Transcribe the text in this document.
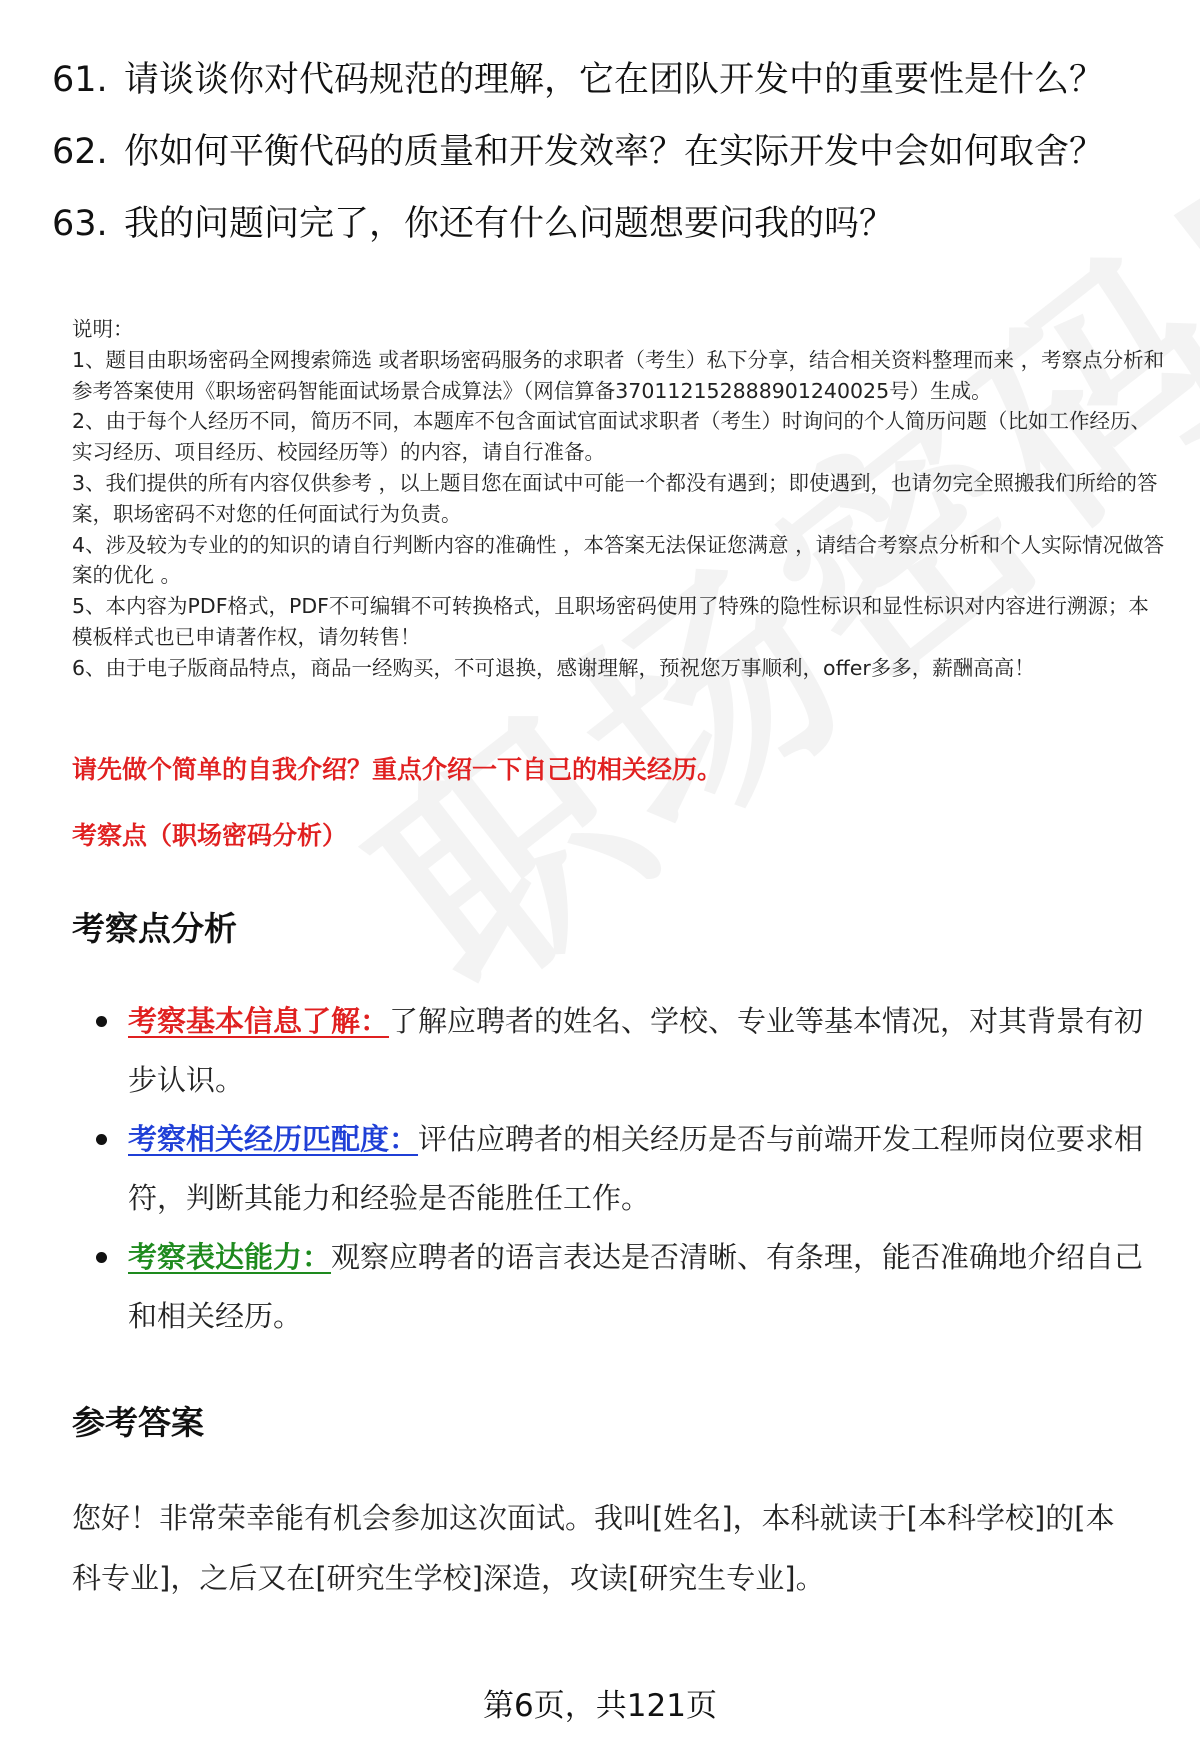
61. 请谈谈你对代码规范的理解，它在团队开发中的重要性是什么？
62. 你如何平衡代码的质量和开发效率？在实际开发中会如何取舍？
63. 我的问题问完了，你还有什么问题想要问我的吗？

说明：

1、题目由职场密码全网搜索筛选 或者职场密码服务的求职者（考生）私下分享，结合相关资料整理而来 ，考察点分析和参考答案使用《职场密码智能面试场景合成算法》（网信算备370112152888901240025号）生成。

2、由于每个人经历不同，简历不同，本题库不包含面试官面试求职者（考生）时询问的个人简历问题（比如工作经历、实习经历、项目经历、校园经历等）的内容，请自行准备。

3、我们提供的所有内容仅供参考 ，以上题目您在面试中可能一个都没有遇到；即使遇到，也请勿完全照搬我们所给的答案，职场密码不对您的任何面试行为负责。

4、涉及较为专业的的知识的请自行判断内容的准确性 ，本答案无法保证您满意 ，请结合考察点分析和个人实际情况做答案的优化 。

5、本内容为PDF格式，PDF不可编辑不可转换格式，且职场密码使用了特殊的隐性标识和显性标识对内容进行溯源；本模板样式也已申请著作权，请勿转售！

6、由于电子版商品特点，商品一经购买，不可退换，感谢理解，预祝您万事顺利，offer多多，薪酬高高！

请先做个简单的自我介绍？重点介绍一下自己的相关经历。
考察点（职场密码分析）
考察点分析
考察基本信息了解：了解应聘者的姓名、学校、专业等基本情况，对其背景有初步认识。
考察相关经历匹配度：评估应聘者的相关经历是否与前端开发工程师岗位要求相符，判断其能力和经验是否能胜任工作。
考察表达能力：观察应聘者的语言表达是否清晰、有条理，能否准确地介绍自己和相关经历。
参考答案
您好！非常荣幸能有机会参加这次面试。我叫[姓名]，本科就读于[本科学校]的[本科专业]，之后又在[研究生学校]深造，攻读[研究生专业]。
第6页，共121页
